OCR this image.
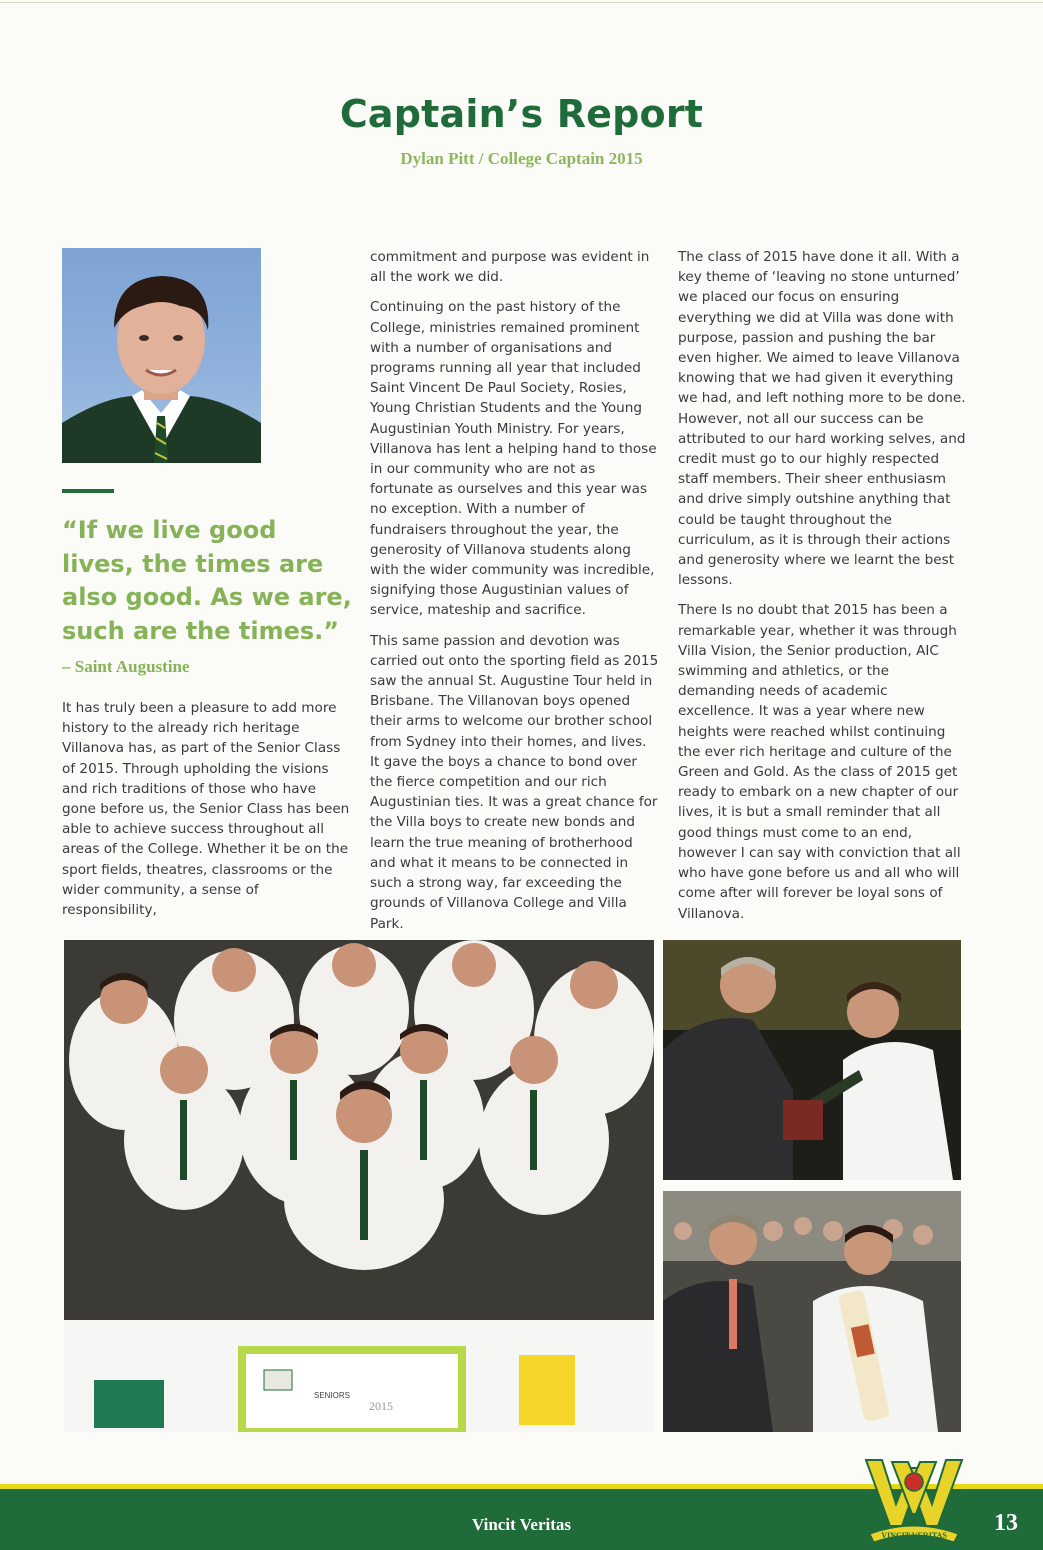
Captain’s Report
Dylan Pitt / College Captain 2015
“If we live good lives, the times are also good. As we are, such are the times.”
– Saint Augustine

It has truly been a pleasure to add more history to the already rich heritage Villanova has, as part of the Senior Class of 2015. Through upholding the visions and rich traditions of those who have gone before us, the Senior Class has been able to achieve success throughout all areas of the College. Whether it be on the sport fields, theatres, classrooms or the wider community, a sense of responsibility,

commitment and purpose was evident in all the work we did.

Continuing on the past history of the College, ministries remained prominent with a number of organisations and programs running all year that included Saint Vincent De Paul Society, Rosies, Young Christian Students and the Young Augustinian Youth Ministry. For years, Villanova has lent a helping hand to those in our community who are not as fortunate as ourselves and this year was no exception. With a number of fundraisers throughout the year, the generosity of Villanova students along with the wider community was incredible, signifying those Augustinian values of service, mateship and sacrifice.

This same passion and devotion was carried out onto the sporting field as 2015 saw the annual St. Augustine Tour held in Brisbane. The Villanovan boys opened their arms to welcome our brother school from Sydney into their homes, and lives. It gave the boys a chance to bond over the fierce competition and our rich Augustinian ties. It was a great chance for the Villa boys to create new bonds and learn the true meaning of brotherhood and what it means to be connected in such a strong way, far exceeding the grounds of Villanova College and Villa Park.

The class of 2015 have done it all. With a key theme of ‘leaving no stone unturned’ we placed our focus on ensuring everything we did at Villa was done with purpose, passion and pushing the bar even higher. We aimed to leave Villanova knowing that we had given it everything we had, and left nothing more to be done. However, not all our success can be attributed to our hard working selves, and credit must go to our highly respected staff members. Their sheer enthusiasm and drive simply outshine anything that could be taught throughout the curriculum, as it is through their actions and generosity where we learnt the best lessons.

There Is no doubt that 2015 has been a remarkable year, whether it was through Villa Vision, the Senior production, AIC swimming and athletics, or the demanding needs of academic excellence. It was a year where new heights were reached whilst continuing the ever rich heritage and culture of the Green and Gold. As the class of 2015 get ready to embark on a new chapter of our lives, it is but a small reminder that all good things must come to an end, however I can say with conviction that all who have gone before us and all who will come after will forever be loyal sons of Villanova.

SENIORS
2015
Vincit Veritas	13
VINCIT VERITAS
